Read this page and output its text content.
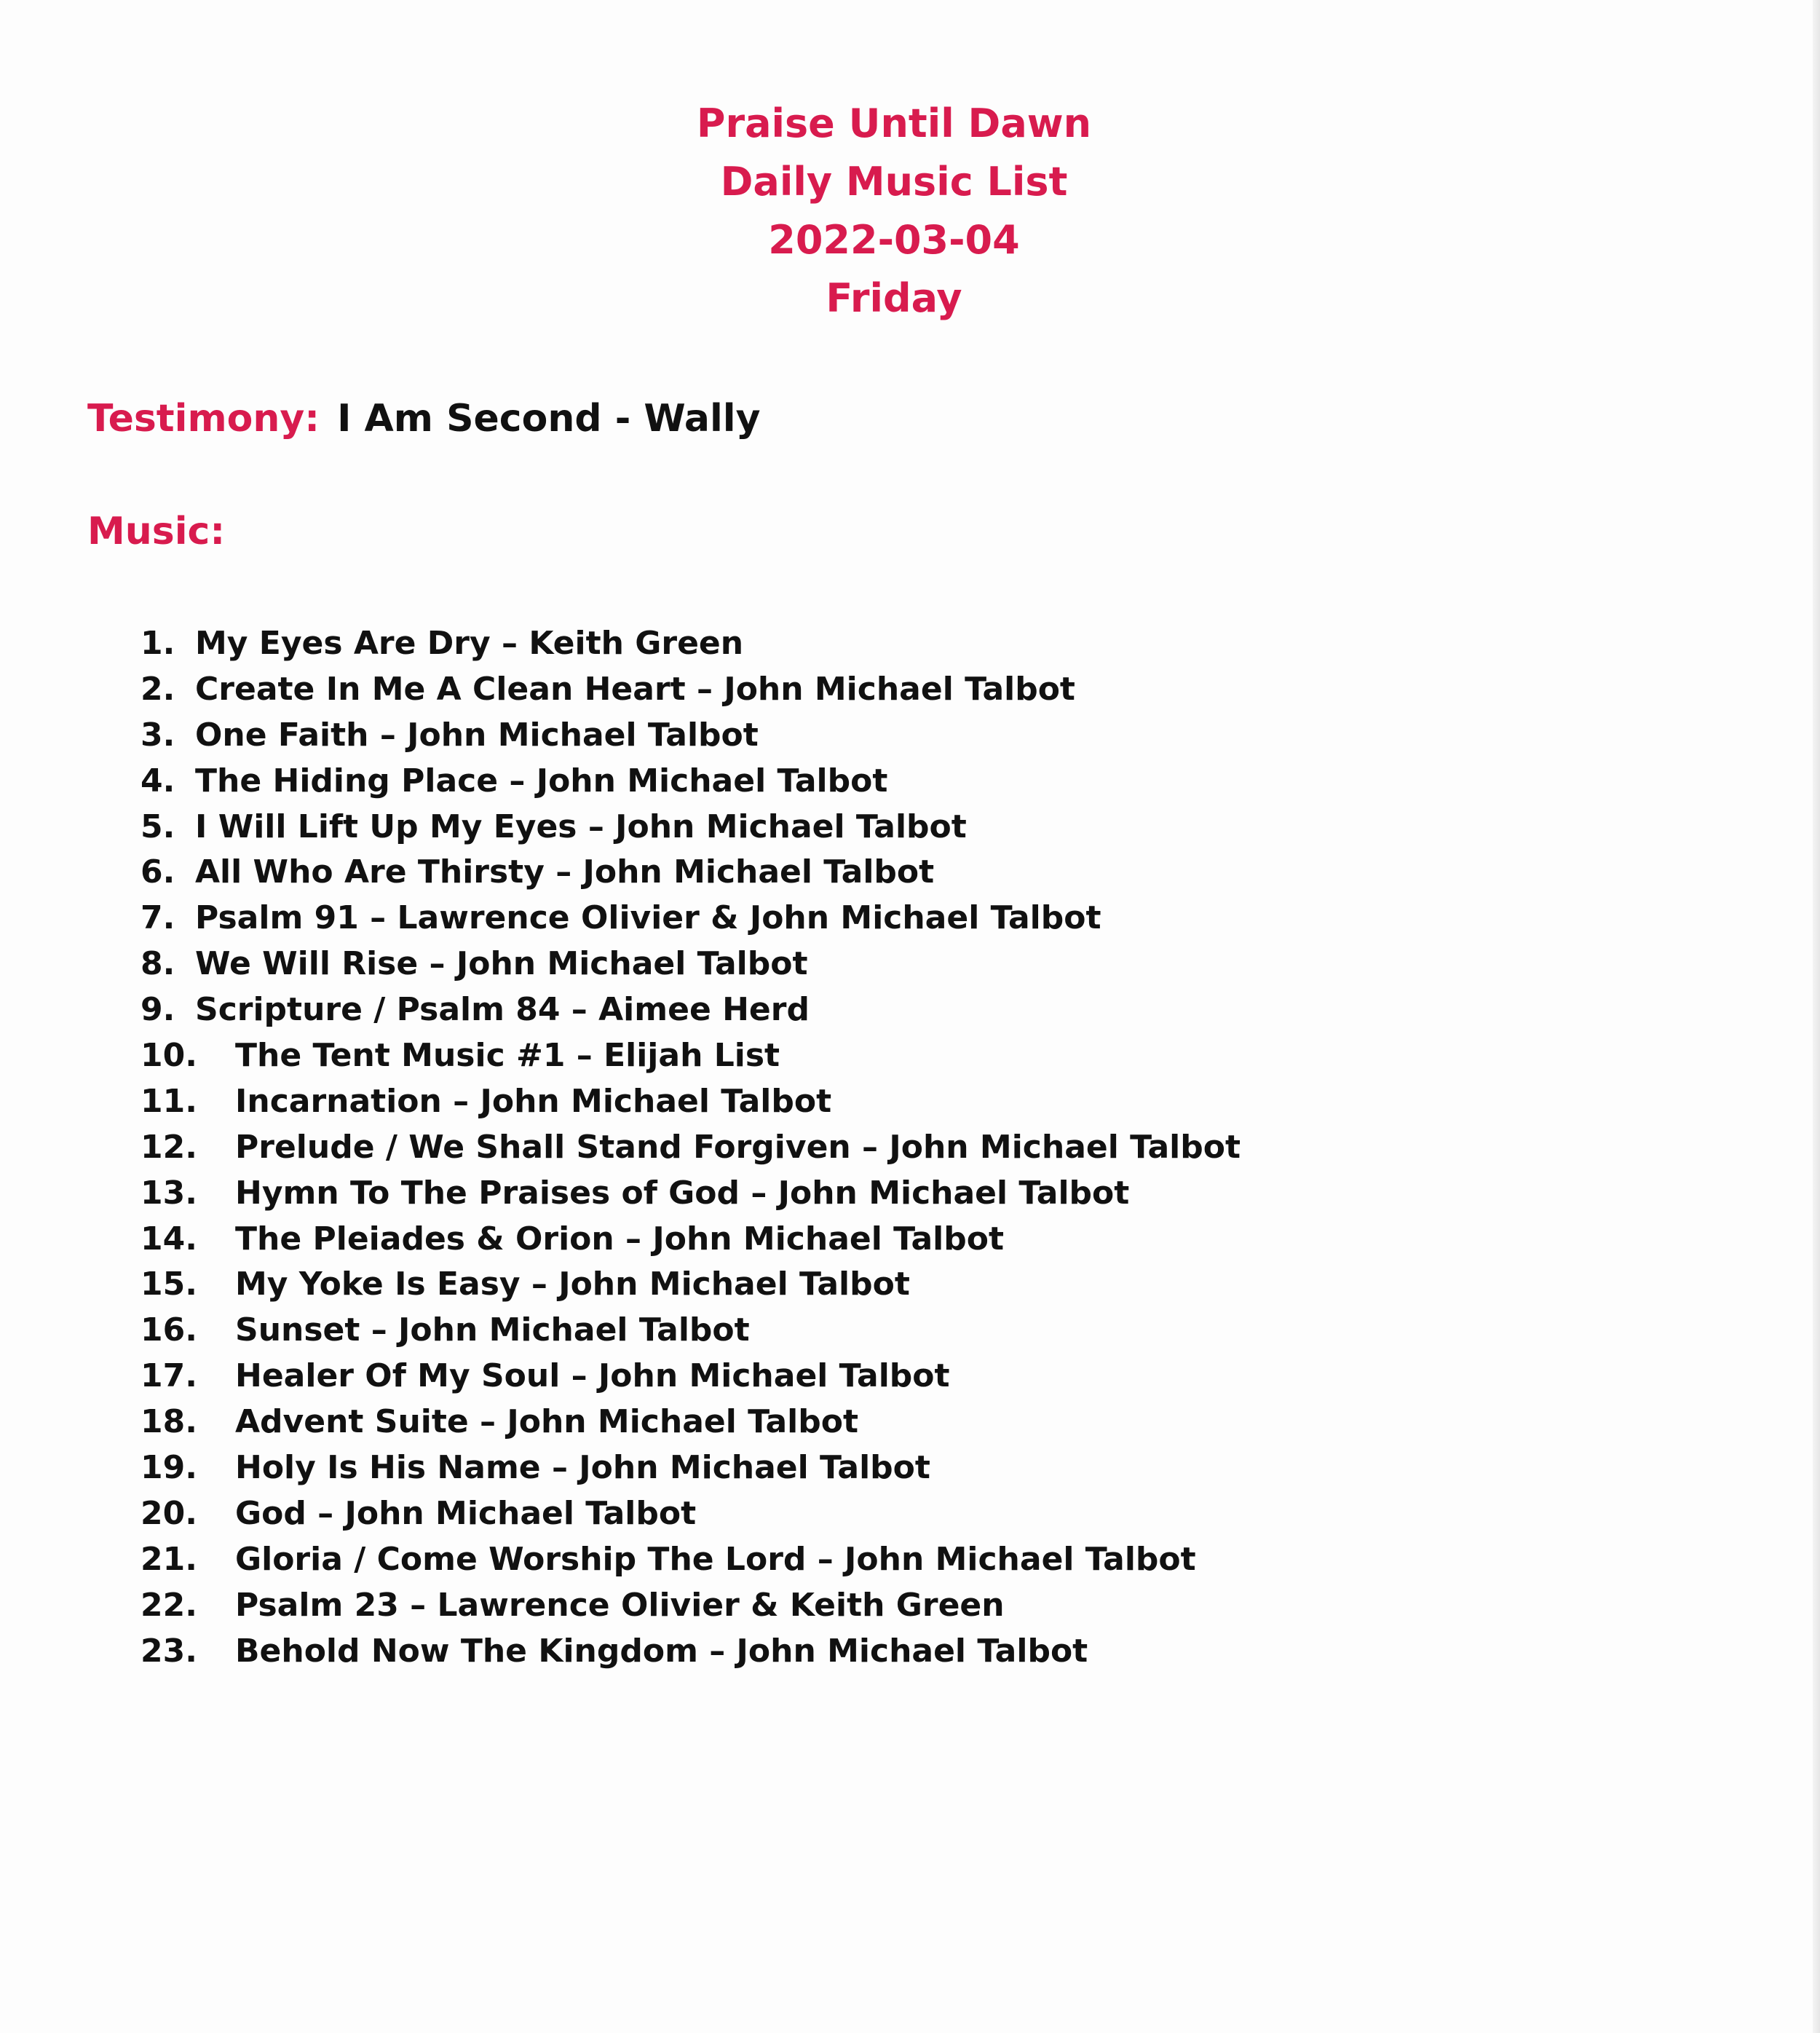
Praise Until Dawn
Daily Music List
2022-03-04
Friday
Testimony: I Am Second - Wally
Music:
1. My Eyes Are Dry – Keith Green
2. Create In Me A Clean Heart – John Michael Talbot
3. One Faith – John Michael Talbot
4. The Hiding Place – John Michael Talbot
5. I Will Lift Up My Eyes – John Michael Talbot
6. All Who Are Thirsty – John Michael Talbot
7. Psalm 91 – Lawrence Olivier & John Michael Talbot
8. We Will Rise – John Michael Talbot
9. Scripture / Psalm 84 – Aimee Herd
10. The Tent Music #1 – Elijah List
11. Incarnation – John Michael Talbot
12. Prelude / We Shall Stand Forgiven – John Michael Talbot
13. Hymn To The Praises of God – John Michael Talbot
14. The Pleiades & Orion – John Michael Talbot
15. My Yoke Is Easy – John Michael Talbot
16. Sunset – John Michael Talbot
17. Healer Of My Soul – John Michael Talbot
18. Advent Suite – John Michael Talbot
19. Holy Is His Name – John Michael Talbot
20. God – John Michael Talbot
21. Gloria / Come Worship The Lord – John Michael Talbot
22. Psalm 23 – Lawrence Olivier & Keith Green
23. Behold Now The Kingdom – John Michael Talbot
